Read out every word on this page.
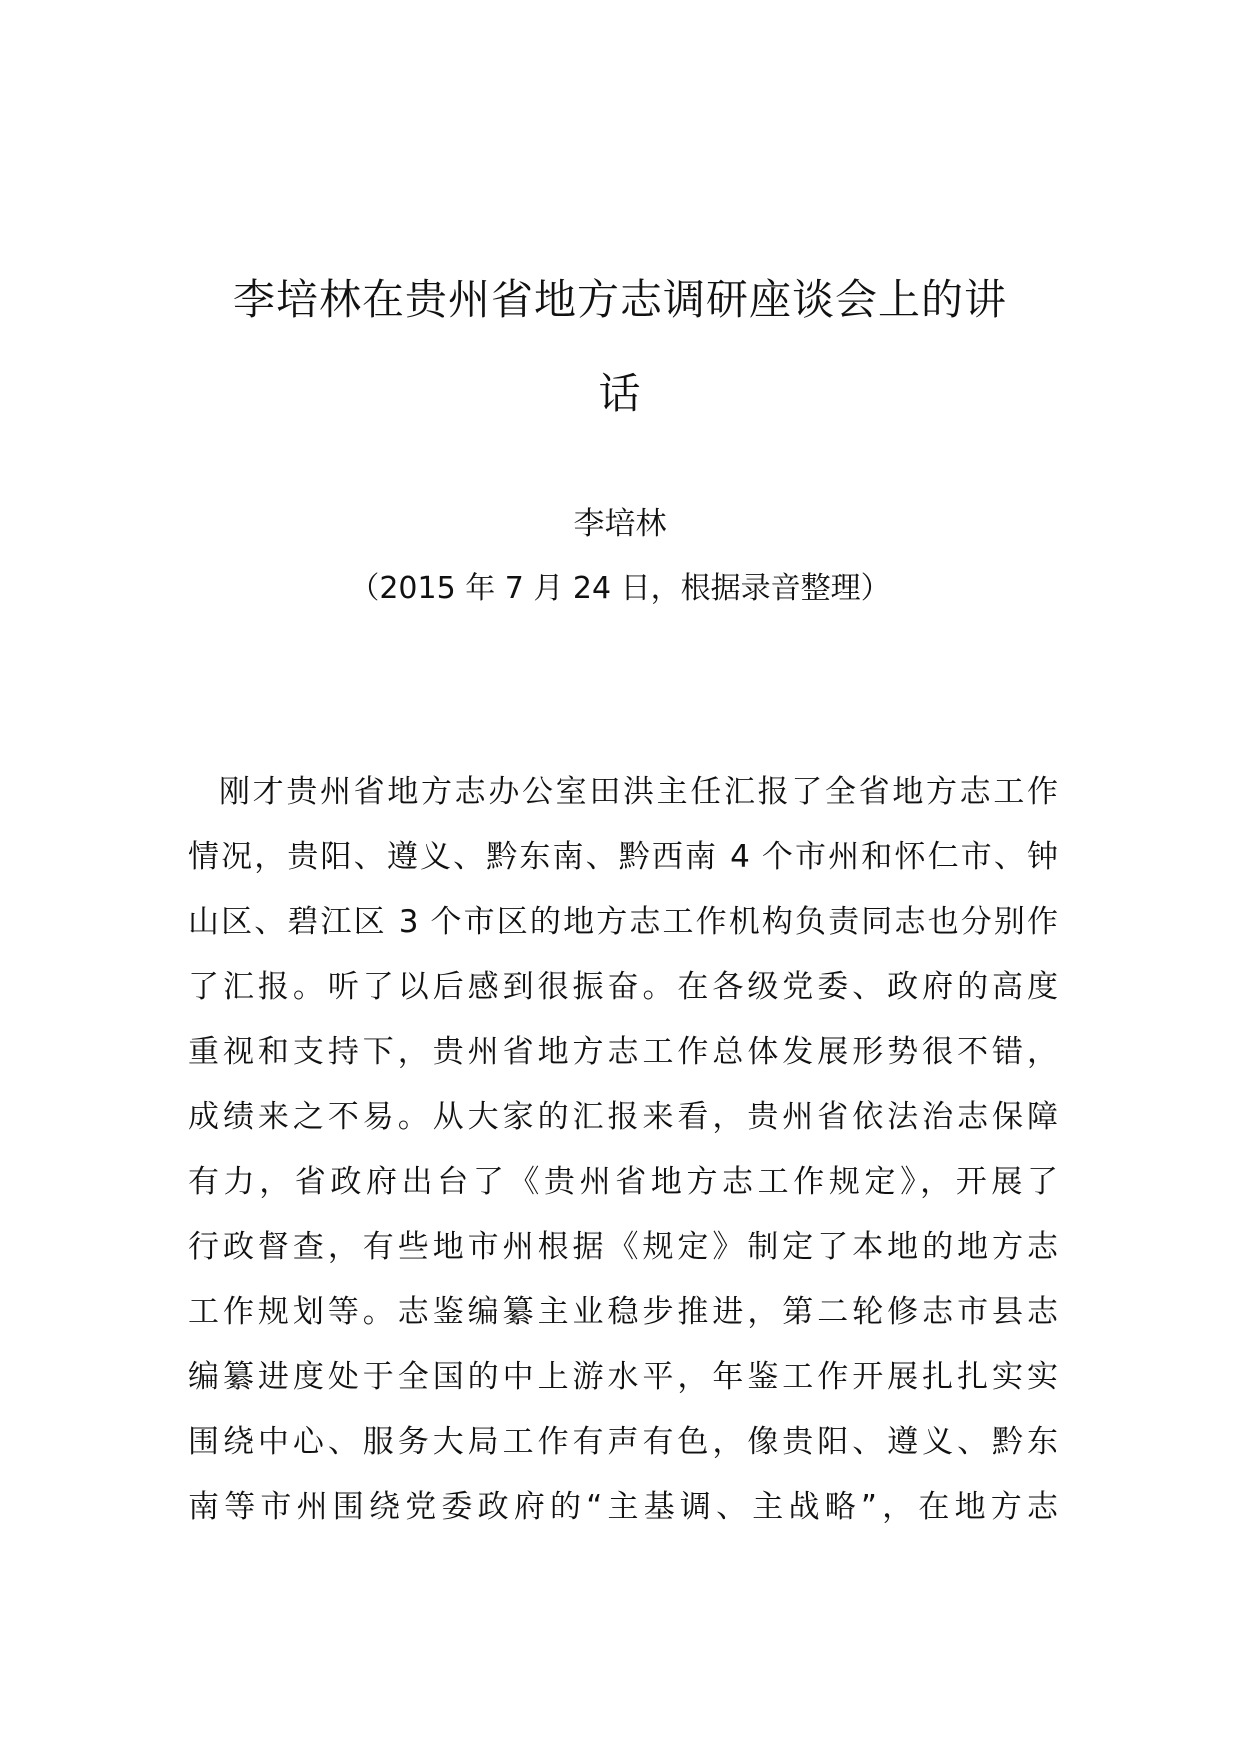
李培林在贵州省地方志调研座谈会上的讲
话
李培林
（2015 年 7 月 24 日，根据录音整理）
刚才贵州省地方志办公室田洪主任汇报了全省地方志工作
情况，贵阳、遵义、黔东南、黔西南 4 个市州和怀仁市、钟
山区、碧江区 3 个市区的地方志工作机构负责同志也分别作
了汇报。听了以后感到很振奋。在各级党委、政府的高度
重视和支持下，贵州省地方志工作总体发展形势很不错，
成绩来之不易。从大家的汇报来看，贵州省依法治志保障
有力，省政府出台了《贵州省地方志工作规定》，开展了
行政督查，有些地市州根据《规定》制定了本地的地方志
工作规划等。志鉴编纂主业稳步推进，第二轮修志市县志
编纂进度处于全国的中上游水平，年鉴工作开展扎扎实实
围绕中心、服务大局工作有声有色，像贵阳、遵义、黔东
南等市州围绕党委政府的“主基调、主战略”，在地方志
